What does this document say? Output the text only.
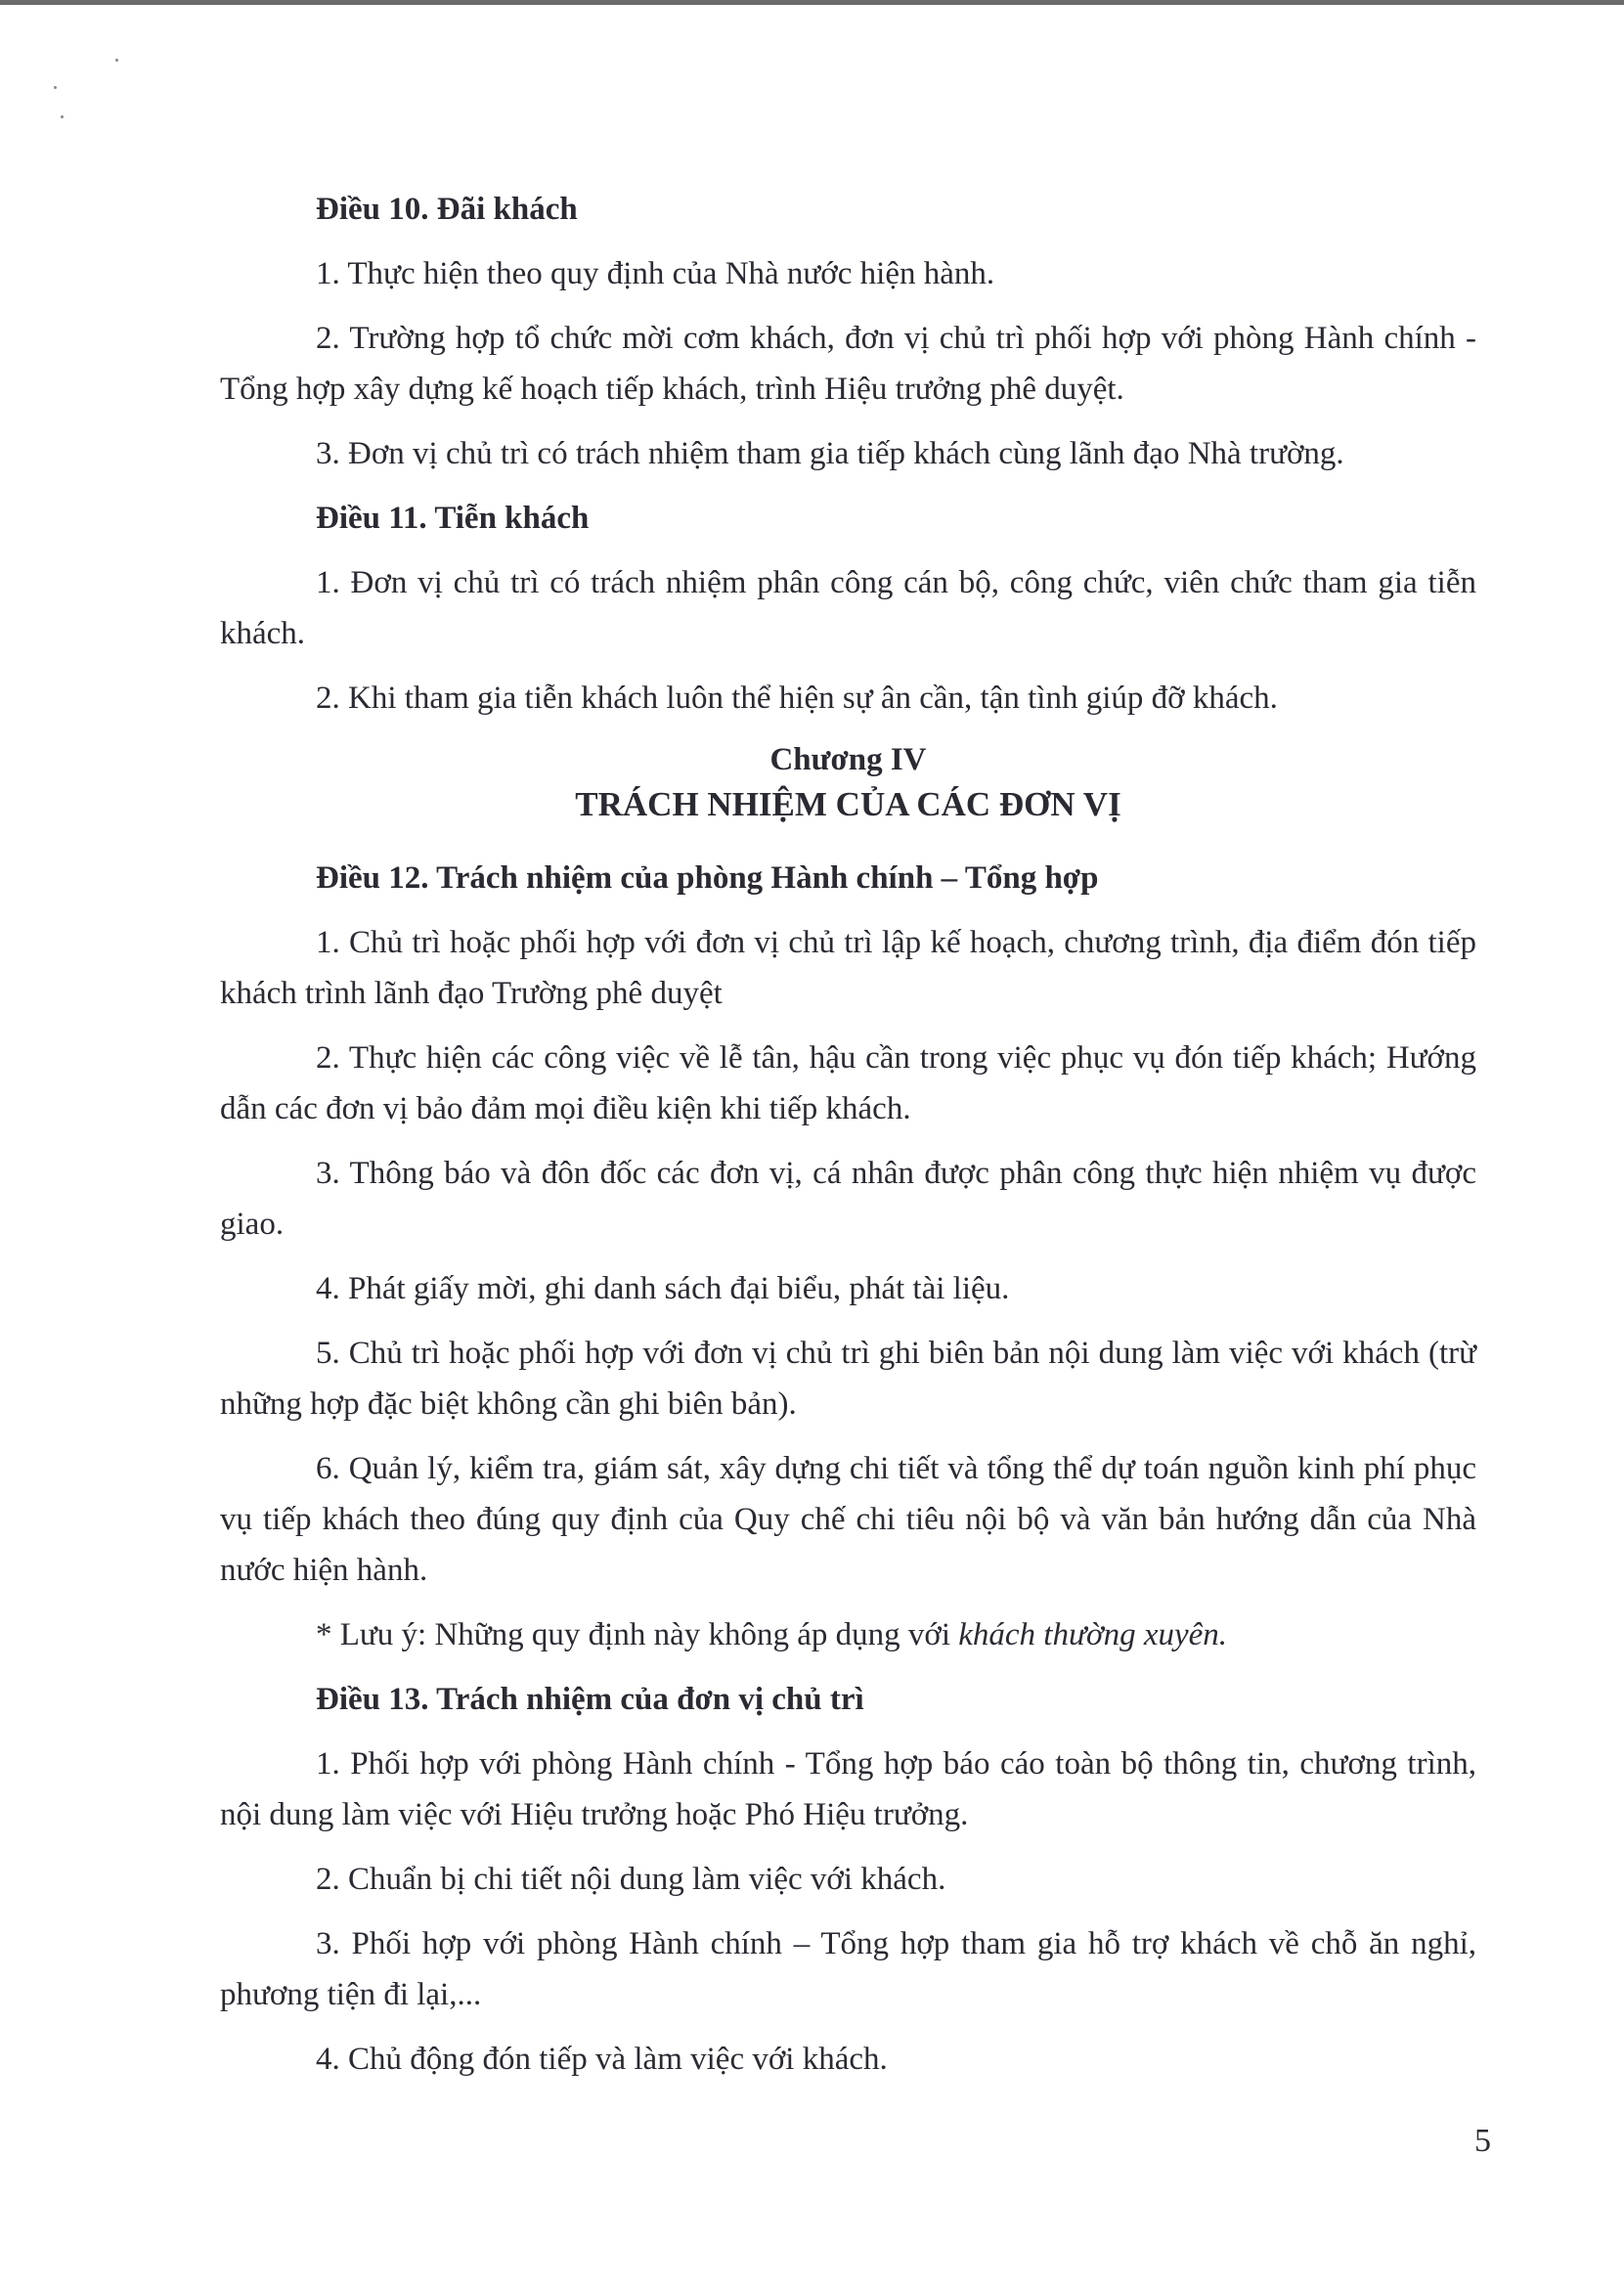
Điều 10. Đãi khách

1. Thực hiện theo quy định của Nhà nước hiện hành.

2. Trường hợp tổ chức mời cơm khách, đơn vị chủ trì phối hợp với phòng Hành chính - Tổng hợp xây dựng kế hoạch tiếp khách, trình Hiệu trưởng phê duyệt.

3. Đơn vị chủ trì có trách nhiệm tham gia tiếp khách cùng lãnh đạo Nhà trường.

Điều 11. Tiễn khách

1. Đơn vị chủ trì có trách nhiệm phân công cán bộ, công chức, viên chức tham gia tiễn khách.

2. Khi tham gia tiễn khách luôn thể hiện sự ân cần, tận tình giúp đỡ khách.

Chương IV
TRÁCH NHIỆM CỦA CÁC ĐƠN VỊ
Điều 12. Trách nhiệm của phòng Hành chính – Tổng hợp

1. Chủ trì hoặc phối hợp với đơn vị chủ trì lập kế hoạch, chương trình, địa điểm đón tiếp khách trình lãnh đạo Trường phê duyệt

2. Thực hiện các công việc về lễ tân, hậu cần trong việc phục vụ đón tiếp khách; Hướng dẫn các đơn vị bảo đảm mọi điều kiện khi tiếp khách.

3. Thông báo và đôn đốc các đơn vị, cá nhân được phân công thực hiện nhiệm vụ được giao.

4. Phát giấy mời, ghi danh sách đại biểu, phát tài liệu.

5. Chủ trì hoặc phối hợp với đơn vị chủ trì ghi biên bản nội dung làm việc với khách (trừ những hợp đặc biệt không cần ghi biên bản).

6. Quản lý, kiểm tra, giám sát, xây dựng chi tiết và tổng thể dự toán nguồn kinh phí phục vụ tiếp khách theo đúng quy định của Quy chế chi tiêu nội bộ và văn bản hướng dẫn của Nhà nước hiện hành.

* Lưu ý: Những quy định này không áp dụng với khách thường xuyên.

Điều 13. Trách nhiệm của đơn vị chủ trì

1. Phối hợp với phòng Hành chính - Tổng hợp báo cáo toàn bộ thông tin, chương trình, nội dung làm việc với Hiệu trưởng hoặc Phó Hiệu trưởng.

2. Chuẩn bị chi tiết nội dung làm việc với khách.

3. Phối hợp với phòng Hành chính – Tổng hợp tham gia hỗ trợ khách về chỗ ăn nghỉ, phương tiện đi lại,...

4. Chủ động đón tiếp và làm việc với khách.

5
